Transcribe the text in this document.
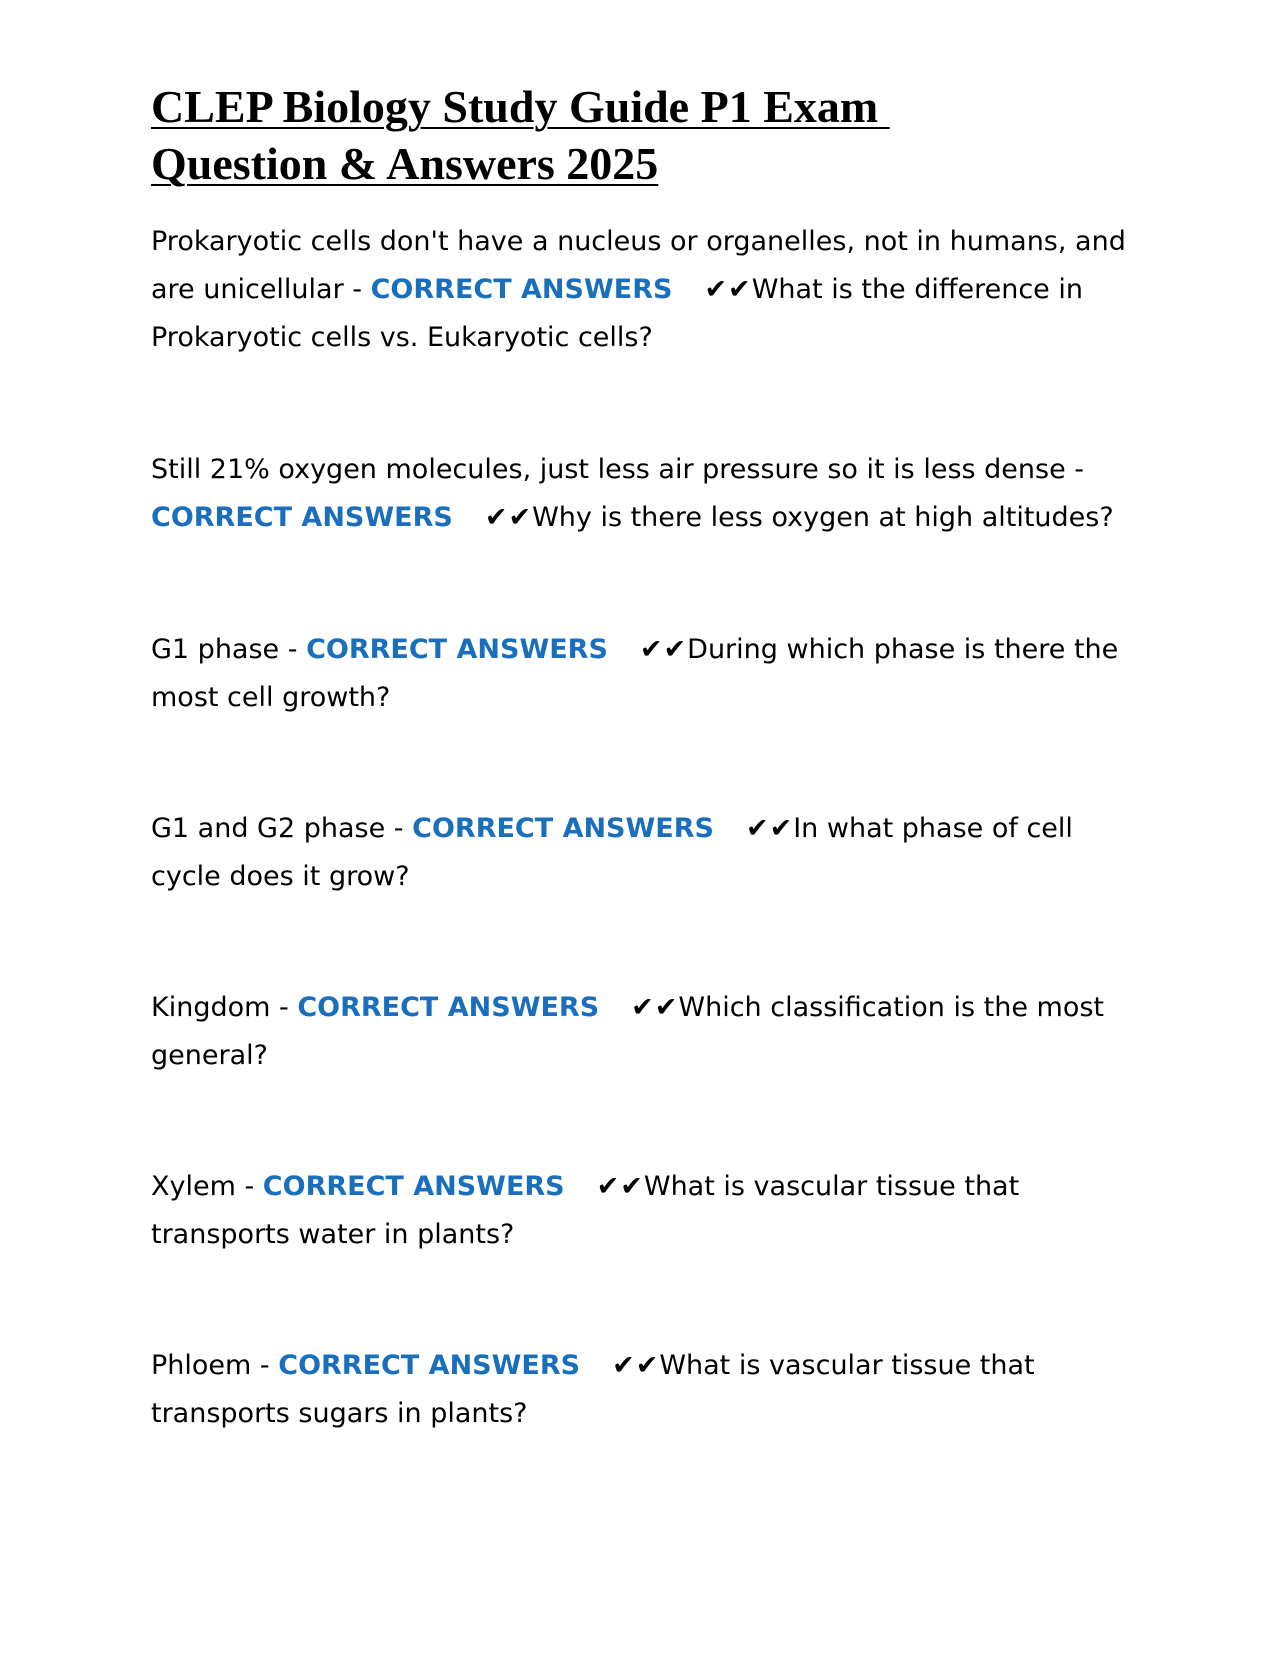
CLEP Biology Study Guide P1 Exam
Question & Answers 2025

Prokaryotic cells don't have a nucleus or organelles, not in humans, and are unicellular - CORRECT ANSWERS ✔✔What is the difference in Prokaryotic cells vs. Eukaryotic cells?

Still 21% oxygen molecules, just less air pressure so it is less dense - CORRECT ANSWERS ✔✔Why is there less oxygen at high altitudes?

G1 phase - CORRECT ANSWERS ✔✔During which phase is there the most cell growth?

G1 and G2 phase - CORRECT ANSWERS ✔✔In what phase of cell cycle does it grow?

Kingdom - CORRECT ANSWERS ✔✔Which classification is the most general?

Xylem - CORRECT ANSWERS ✔✔What is vascular tissue that transports water in plants?

Phloem - CORRECT ANSWERS ✔✔What is vascular tissue that transports sugars in plants?
